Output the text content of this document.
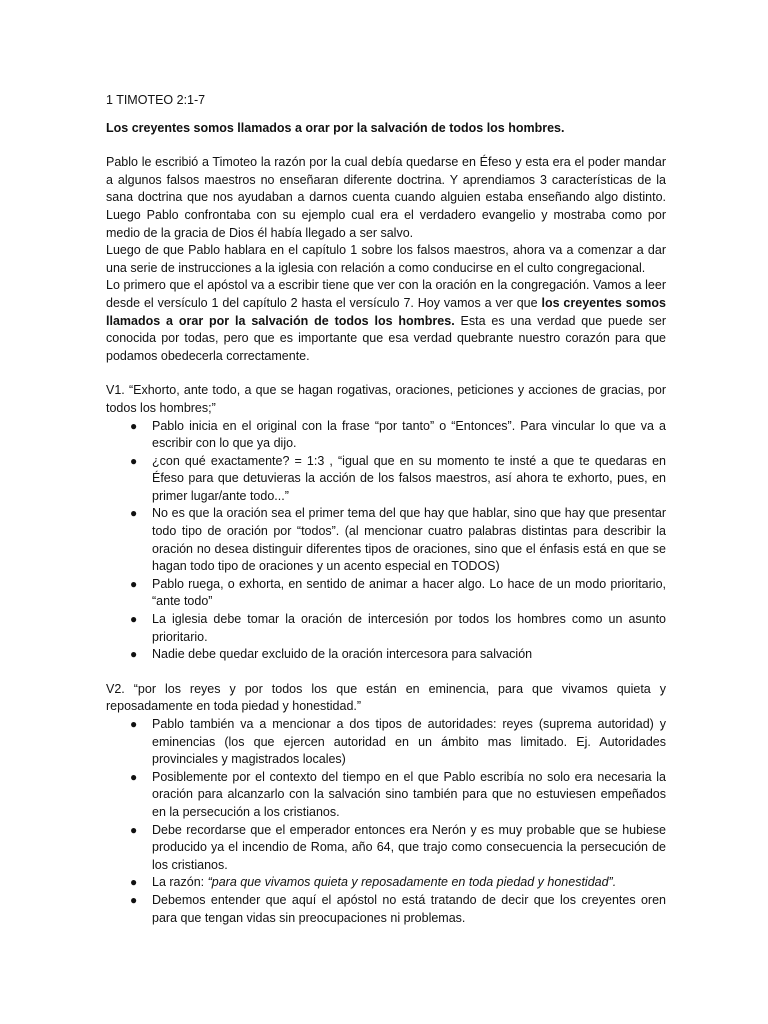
1 TIMOTEO 2:1-7

Los creyentes somos llamados a orar por la salvación de todos los hombres.

Pablo le escribió a Timoteo la razón por la cual debía quedarse en Éfeso y esta era el poder mandar a algunos falsos maestros no enseñaran diferente doctrina. Y aprendiamos 3 características de la sana doctrina que nos ayudaban a darnos cuenta cuando alguien estaba enseñando algo distinto. Luego Pablo confrontaba con su ejemplo cual era el verdadero evangelio y mostraba como por medio de la gracia de Dios él había llegado a ser salvo.

Luego de que Pablo hablara en el capítulo 1 sobre los falsos maestros, ahora va a comenzar a dar una serie de instrucciones a la iglesia con relación a como conducirse en el culto congregacional.

Lo primero que el apóstol va a escribir tiene que ver con la oración en la congregación. Vamos a leer desde el versículo 1 del capítulo 2 hasta el versículo 7. Hoy vamos a ver que los creyentes somos llamados a orar por la salvación de todos los hombres. Esta es una verdad que puede ser conocida por todas, pero que es importante que esa verdad quebrante nuestro corazón para que podamos obedecerla correctamente.

V1. “Exhorto, ante todo, a que se hagan rogativas, oraciones, peticiones y acciones de gracias, por todos los hombres;”

● Pablo inicia en el original con la frase “por tanto” o “Entonces”. Para vincular lo que va a escribir con lo que ya dijo.
● ¿con qué exactamente? = 1:3 , “igual que en su momento te insté a que te quedaras en Éfeso para que detuvieras la acción de los falsos maestros, así ahora te exhorto, pues, en primer lugar/ante todo...”
● No es que la oración sea el primer tema del que hay que hablar, sino que hay que presentar todo tipo de oración por “todos”. (al mencionar cuatro palabras distintas para describir la oración no desea distinguir diferentes tipos de oraciones, sino que el énfasis está en que se hagan todo tipo de oraciones y un acento especial en TODOS)
● Pablo ruega, o exhorta, en sentido de animar a hacer algo. Lo hace de un modo prioritario, “ante todo”
● La iglesia debe tomar la oración de intercesión por todos los hombres como un asunto prioritario.
● Nadie debe quedar excluido de la oración intercesora para salvación

V2. “por los reyes y por todos los que están en eminencia, para que vivamos quieta y reposadamente en toda piedad y honestidad.”

● Pablo también va a mencionar a dos tipos de autoridades: reyes (suprema autoridad) y eminencias (los que ejercen autoridad en un ámbito mas limitado. Ej. Autoridades provinciales y magistrados locales)
● Posiblemente por el contexto del tiempo en el que Pablo escribía no solo era necesaria la oración para alcanzarlo con la salvación sino también para que no estuviesen empeñados en la persecución a los cristianos.
● Debe recordarse que el emperador entonces era Nerón y es muy probable que se hubiese producido ya el incendio de Roma, año 64, que trajo como consecuencia la persecución de los cristianos.
● La razón: “para que vivamos quieta y reposadamente en toda piedad y honestidad”.
● Debemos entender que aquí el apóstol no está tratando de decir que los creyentes oren para que tengan vidas sin preocupaciones ni problemas.
